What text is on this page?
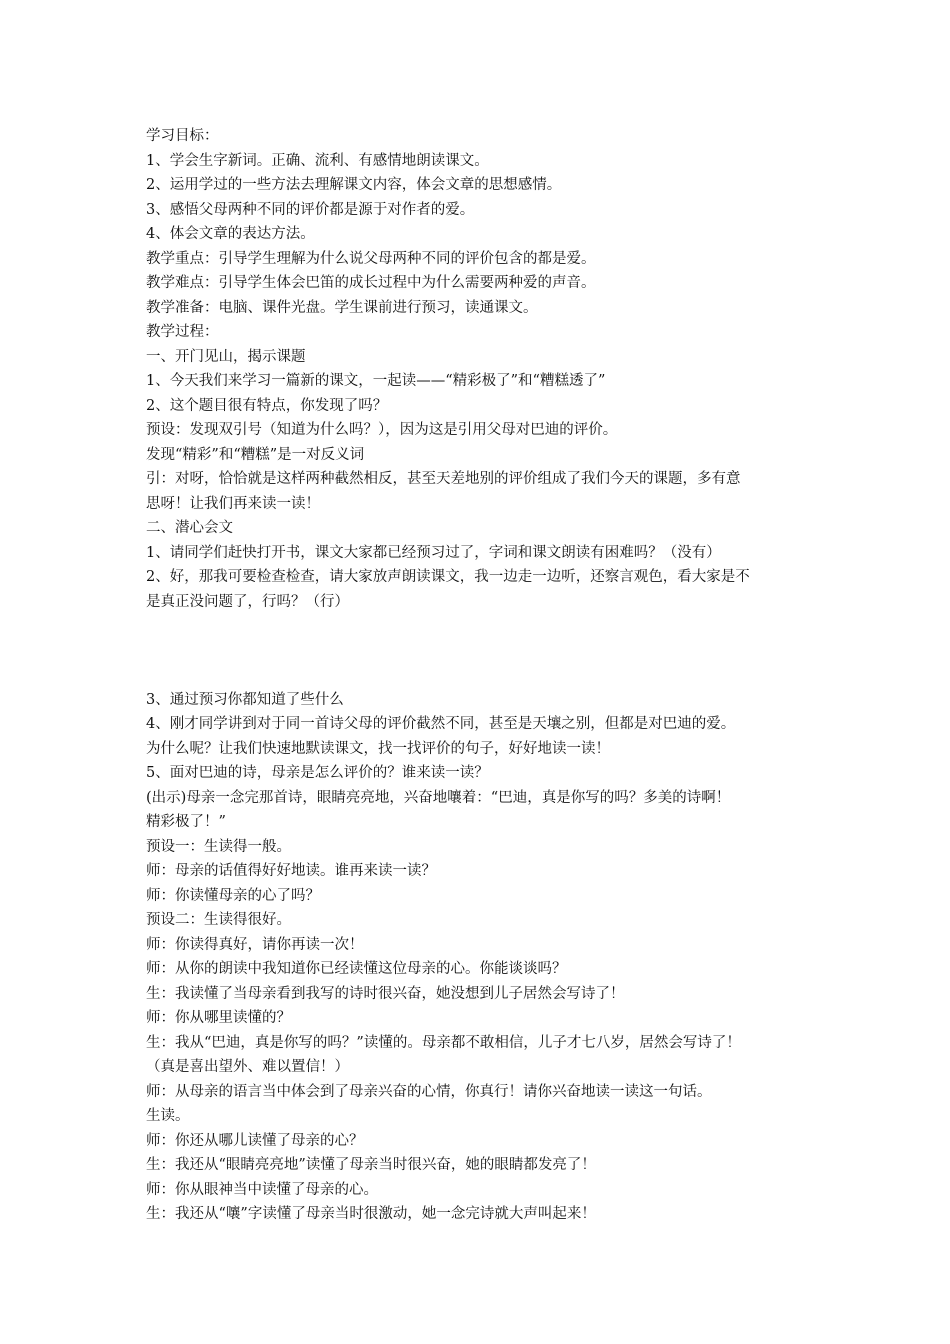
学习目标：
1、学会生字新词。正确、流利、有感情地朗读课文。
2、运用学过的一些方法去理解课文内容，体会文章的思想感情。
3、感悟父母两种不同的评价都是源于对作者的爱。
4、体会文章的表达方法。
教学重点：引导学生理解为什么说父母两种不同的评价包含的都是爱。
教学难点：引导学生体会巴笛的成长过程中为什么需要两种爱的声音。
教学准备：电脑、课件光盘。学生课前进行预习，读通课文。
教学过程：
一、开门见山，揭示课题
1、今天我们来学习一篇新的课文，一起读——“精彩极了”和“糟糕透了”
2、这个题目很有特点，你发现了吗？
预设：发现双引号（知道为什么吗？），因为这是引用父母对巴迪的评价。
发现“精彩”和“糟糕”是一对反义词
引：对呀，恰恰就是这样两种截然相反，甚至天差地别的评价组成了我们今天的课题，多有意
思呀！让我们再来读一读！
二、潜心会文
1、请同学们赶快打开书，课文大家都已经预习过了，字词和课文朗读有困难吗？（没有）
2、好，那我可要检查检查，请大家放声朗读课文，我一边走一边听，还察言观色，看大家是不
是真正没问题了，行吗？（行）
3、通过预习你都知道了些什么
4、刚才同学讲到对于同一首诗父母的评价截然不同，甚至是天壤之别，但都是对巴迪的爱。
为什么呢？让我们快速地默读课文，找一找评价的句子，好好地读一读！
5、面对巴迪的诗，母亲是怎么评价的？谁来读一读？
(出示)母亲一念完那首诗，眼睛亮亮地，兴奋地嚷着：“巴迪，真是你写的吗？多美的诗啊！
精彩极了！”
预设一：生读得一般。
师：母亲的话值得好好地读。谁再来读一读？
师：你读懂母亲的心了吗？
预设二：生读得很好。
师：你读得真好，请你再读一次！
师：从你的朗读中我知道你已经读懂这位母亲的心。你能谈谈吗？
生：我读懂了当母亲看到我写的诗时很兴奋，她没想到儿子居然会写诗了！
师：你从哪里读懂的？
生：我从“巴迪，真是你写的吗？”读懂的。母亲都不敢相信，儿子才七八岁，居然会写诗了！
（真是喜出望外、难以置信！）
师：从母亲的语言当中体会到了母亲兴奋的心情，你真行！请你兴奋地读一读这一句话。
生读。
师：你还从哪儿读懂了母亲的心？
生：我还从“眼睛亮亮地”读懂了母亲当时很兴奋，她的眼睛都发亮了！
师：你从眼神当中读懂了母亲的心。
生：我还从“嚷”字读懂了母亲当时很激动，她一念完诗就大声叫起来！
